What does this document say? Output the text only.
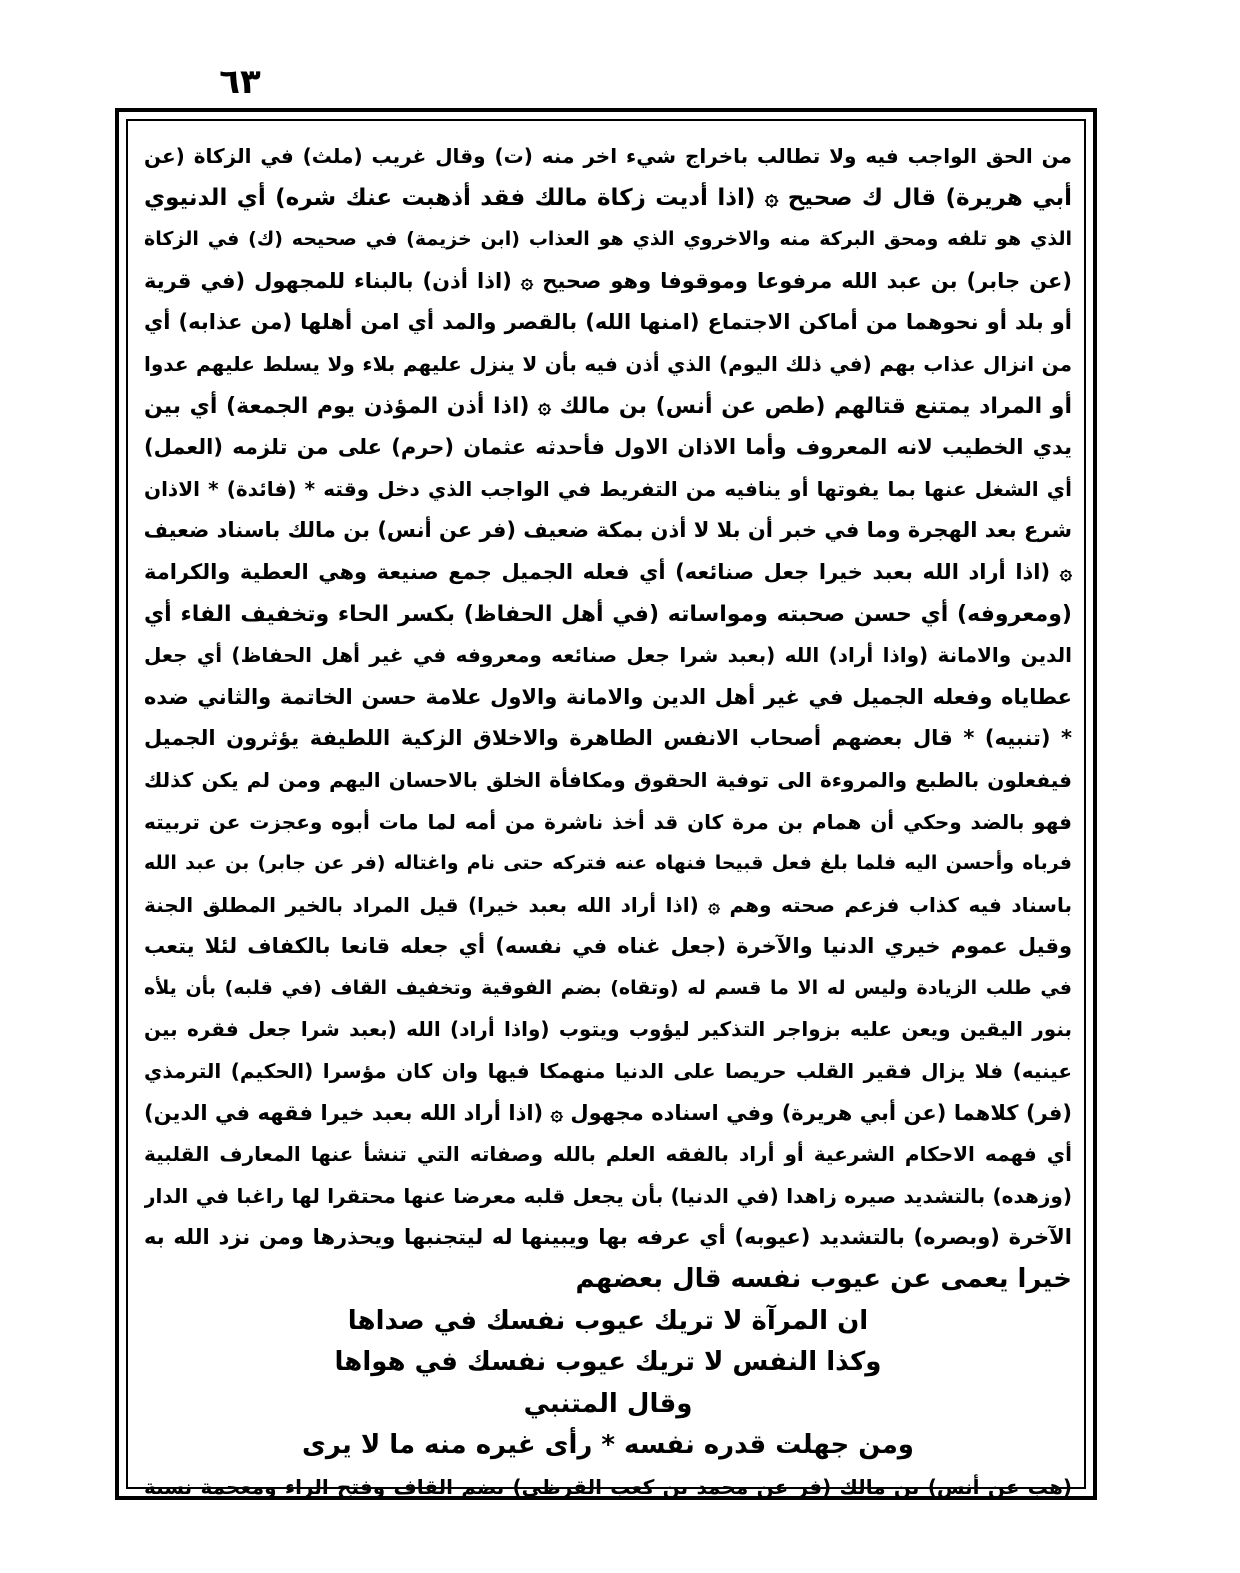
٦٣
من الحق الواجب فيه ولا تطالب باخراج شيء اخر منه (ت) وقال غريب (ملث) في الزكاة (عن
أبي هريرة) قال ك صحيح ۞ (اذا أديت زكاة مالك فقد أذهبت عنك شره) أي الدنيوي
الذي هو تلفه ومحق البركة منه والاخروي الذي هو العذاب (ابن خزيمة) في صحيحه (ك) في الزكاة
(عن جابر) بن عبد الله مرفوعا وموقوفا وهو صحيح ۞ (اذا أذن) بالبناء للمجهول (في قرية
أو بلد أو نحوهما من أماكن الاجتماع (امنها الله) بالقصر والمد أي امن أهلها (من عذابه) أي
من انزال عذاب بهم (في ذلك اليوم) الذي أذن فيه بأن لا ينزل عليهم بلاء ولا يسلط عليهم عدوا
أو المراد يمتنع قتالهم (طص عن أنس) بن مالك ۞ (اذا أذن المؤذن يوم الجمعة) أي بين
يدي الخطيب لانه المعروف وأما الاذان الاول فأحدثه عثمان (حرم) على من تلزمه (العمل)
أي الشغل عنها بما يفوتها أو ينافيه من التفريط في الواجب الذي دخل وقته * (فائدة) * الاذان
شرع بعد الهجرة وما في خبر أن بلا لا أذن بمكة ضعيف (فر عن أنس) بن مالك باسناد ضعيف
۞ (اذا أراد الله بعبد خيرا جعل صنائعه) أي فعله الجميل جمع صنيعة وهي العطية والكرامة
(ومعروفه) أي حسن صحبته ومواساته (في أهل الحفاظ) بكسر الحاء وتخفيف الفاء أي
الدين والامانة (واذا أراد) الله (بعبد شرا جعل صنائعه ومعروفه في غير أهل الحفاظ) أي جعل
عطاياه وفعله الجميل في غير أهل الدين والامانة والاول علامة حسن الخاتمة والثاني ضده
* (تنبيه) * قال بعضهم أصحاب الانفس الطاهرة والاخلاق الزكية اللطيفة يؤثرون الجميل
فيفعلون بالطبع والمروءة الى توفية الحقوق ومكافأة الخلق بالاحسان اليهم ومن لم يكن كذلك
فهو بالضد وحكي أن همام بن مرة كان قد أخذ ناشرة من أمه لما مات أبوه وعجزت عن تربيته
فرباه وأحسن اليه فلما بلغ فعل قبيحا فنهاه عنه فتركه حتى نام واغتاله (فر عن جابر) بن عبد الله
باسناد فيه كذاب فزعم صحته وهم ۞ (اذا أراد الله بعبد خيرا) قيل المراد بالخير المطلق الجنة
وقيل عموم خيري الدنيا والآخرة (جعل غناه في نفسه) أي جعله قانعا بالكفاف لئلا يتعب
في طلب الزيادة وليس له الا ما قسم له (وتقاه) بضم الفوقية وتخفيف القاف (في قلبه) بأن يلأه
بنور اليقين ويعن عليه بزواجر التذكير ليؤوب ويتوب (واذا أراد) الله (بعبد شرا جعل فقره بين
عينيه) فلا يزال فقير القلب حريصا على الدنيا منهمكا فيها وان كان مؤسرا (الحكيم) الترمذي
(فر) كلاهما (عن أبي هريرة) وفي اسناده مجهول ۞ (اذا أراد الله بعبد خيرا فقهه في الدين)
أي فهمه الاحكام الشرعية أو أراد بالفقه العلم بالله وصفاته التي تنشأ عنها المعارف القلبية
(وزهده) بالتشديد صيره زاهدا (في الدنيا) بأن يجعل قلبه معرضا عنها محتقرا لها راغبا في الدار
الآخرة (وبصره) بالتشديد (عيوبه) أي عرفه بها ويبينها له ليتجنبها ويحذرها ومن نزد الله به
خيرا يعمى عن عيوب نفسه قال بعضهم
ان المرآة لا تريك عيوب نفسك في صداها
وكذا النفس لا تريك عيوب نفسك في هواها
وقال المتنبي
ومن جهلت قدره نفسه * رأى غيره منه ما لا يرى
(هب عن أنس) بن مالك (فر عن محمد بن كعب القرظي) بضم القاف وفتح الراء ومعجمة نسبة
